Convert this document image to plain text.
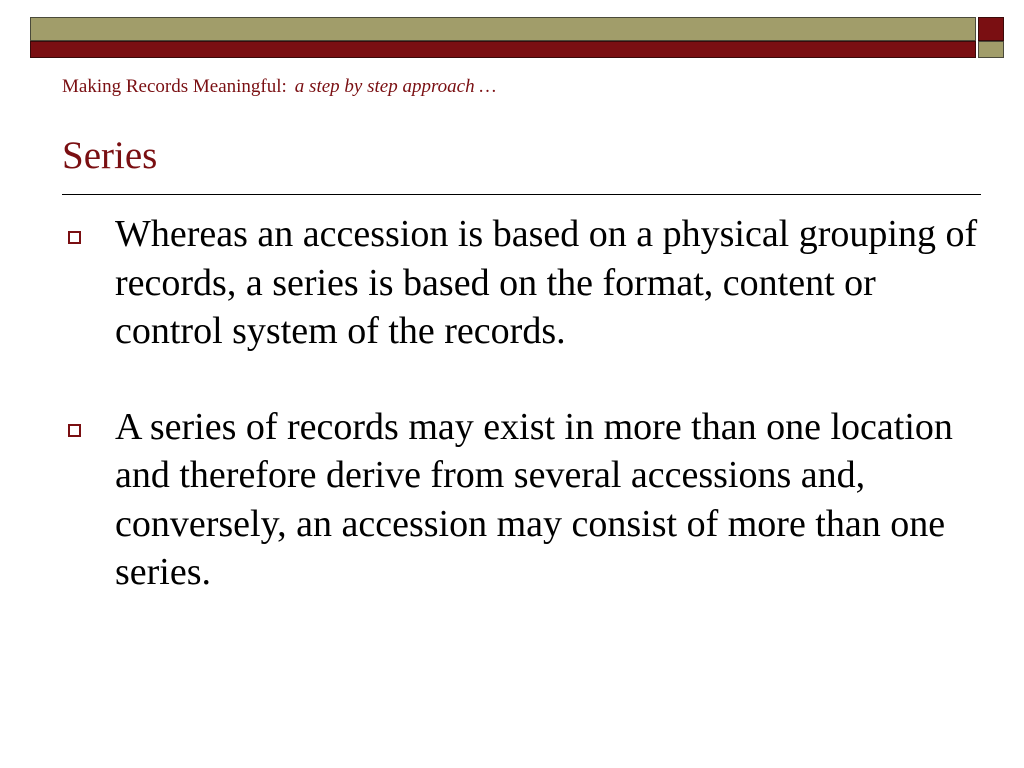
Making Records Meaningful: a step by step approach …
Series
Whereas an accession is based on a physical grouping of records, a series is based on the format, content or control system of the records.
A series of records may exist in more than one location and therefore derive from several accessions and, conversely, an accession may consist of more than one series.
